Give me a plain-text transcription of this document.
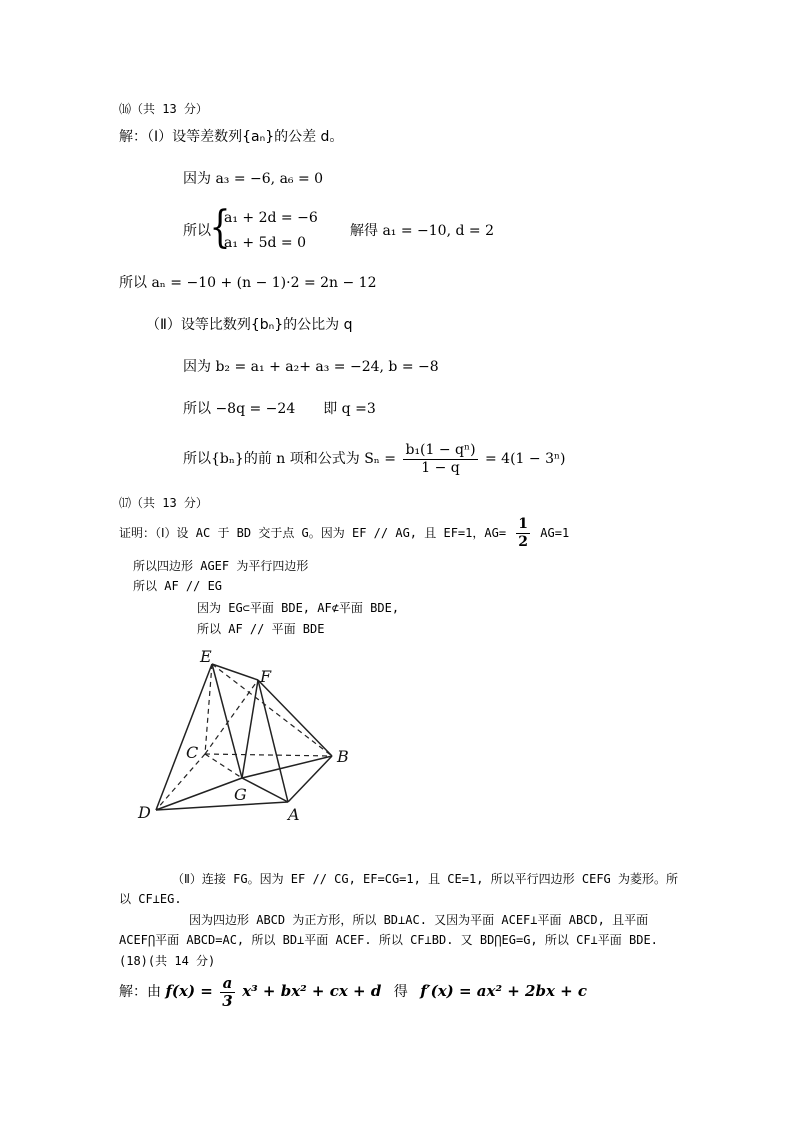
⒃（共 13 分）
解：（Ⅰ）设等差数列{aₙ}的公差 d。
因为 a₃ = −6, a₆ = 0
所以
{
a₁ + 2d = −6
a₁ + 5d = 0
解得 a₁ = −10, d = 2
所以 aₙ = −10 + (n − 1)·2 = 2n − 12
（Ⅱ）设等比数列{bₙ}的公比为 q
因为 b₂ = a₁ + a₂+ a₃ = −24, b = −8
所以 −8q = −24　　即 q =3
所以{bₙ}的前 n 项和公式为 $S_n = \frac{\text{b₁(1 − qⁿ)}}{1 - q} = 4(1 - 3^n)$
⒄（共 13 分）
证明：（Ⅰ）设 AC 于 BD 交于点 G。因为 EF // AG, 且 EF=1，$AG= \frac{1}{2} AG=1$
所以四边形 AGEF 为平行四边形
所以 AF // EG
因为 EG⊂平面 BDE, AF⊄平面 BDE,
所以 AF // 平面 BDE
E
F
C	B
G
D	A
（Ⅱ）连接 FG。因为 EF // CG, EF=CG=1, 且 CE=1, 所以平行四边形 CEFG 为菱形。所
以 CF⊥EG.
因为四边形 ABCD 为正方形，所以 BD⊥AC. 又因为平面 ACEF⊥平面 ABCD, 且平面
ACEF⋂平面 ABCD=AC, 所以 BD⊥平面 ACEF. 所以 CF⊥BD. 又 BD⋂EG=G, 所以 CF⊥平面 BDE.
(18)(共 14 分)
解：由 $f(x) = \frac{a}{3} x^3 + bx^2$ + cx + d 得 f′(x) = ax² + 2bx + c
